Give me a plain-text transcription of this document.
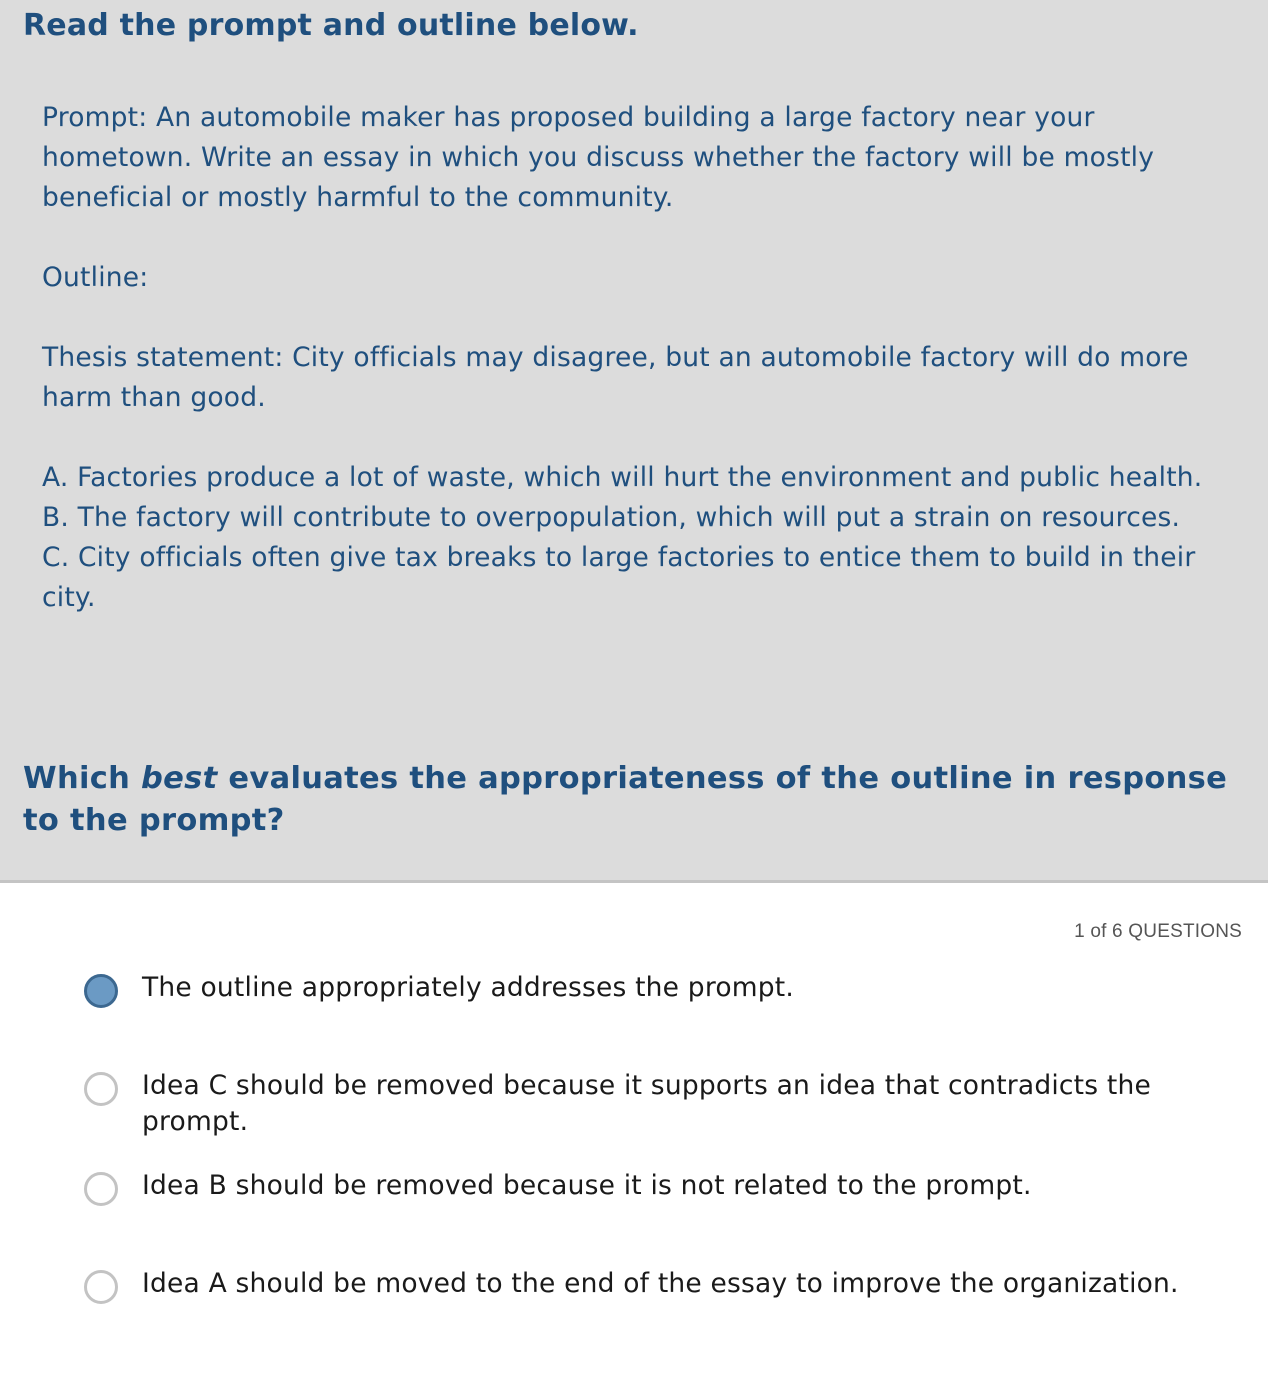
Read the prompt and outline below.

Prompt: An automobile maker has proposed building a large factory near your hometown. Write an essay in which you discuss whether the factory will be mostly beneficial or mostly harmful to the community.

Outline:

Thesis statement: City officials may disagree, but an automobile factory will do more harm than good.

A. Factories produce a lot of waste, which will hurt the environment and public health.

B. The factory will contribute to overpopulation, which will put a strain on resources.

C. City officials often give tax breaks to large factories to entice them to build in their city.

Which best evaluates the appropriateness of the outline in response to the prompt?
1 of 6 QUESTIONS
The outline appropriately addresses the prompt.
Idea C should be removed because it supports an idea that contradicts the prompt.
Idea B should be removed because it is not related to the prompt.
Idea A should be moved to the end of the essay to improve the organization.
